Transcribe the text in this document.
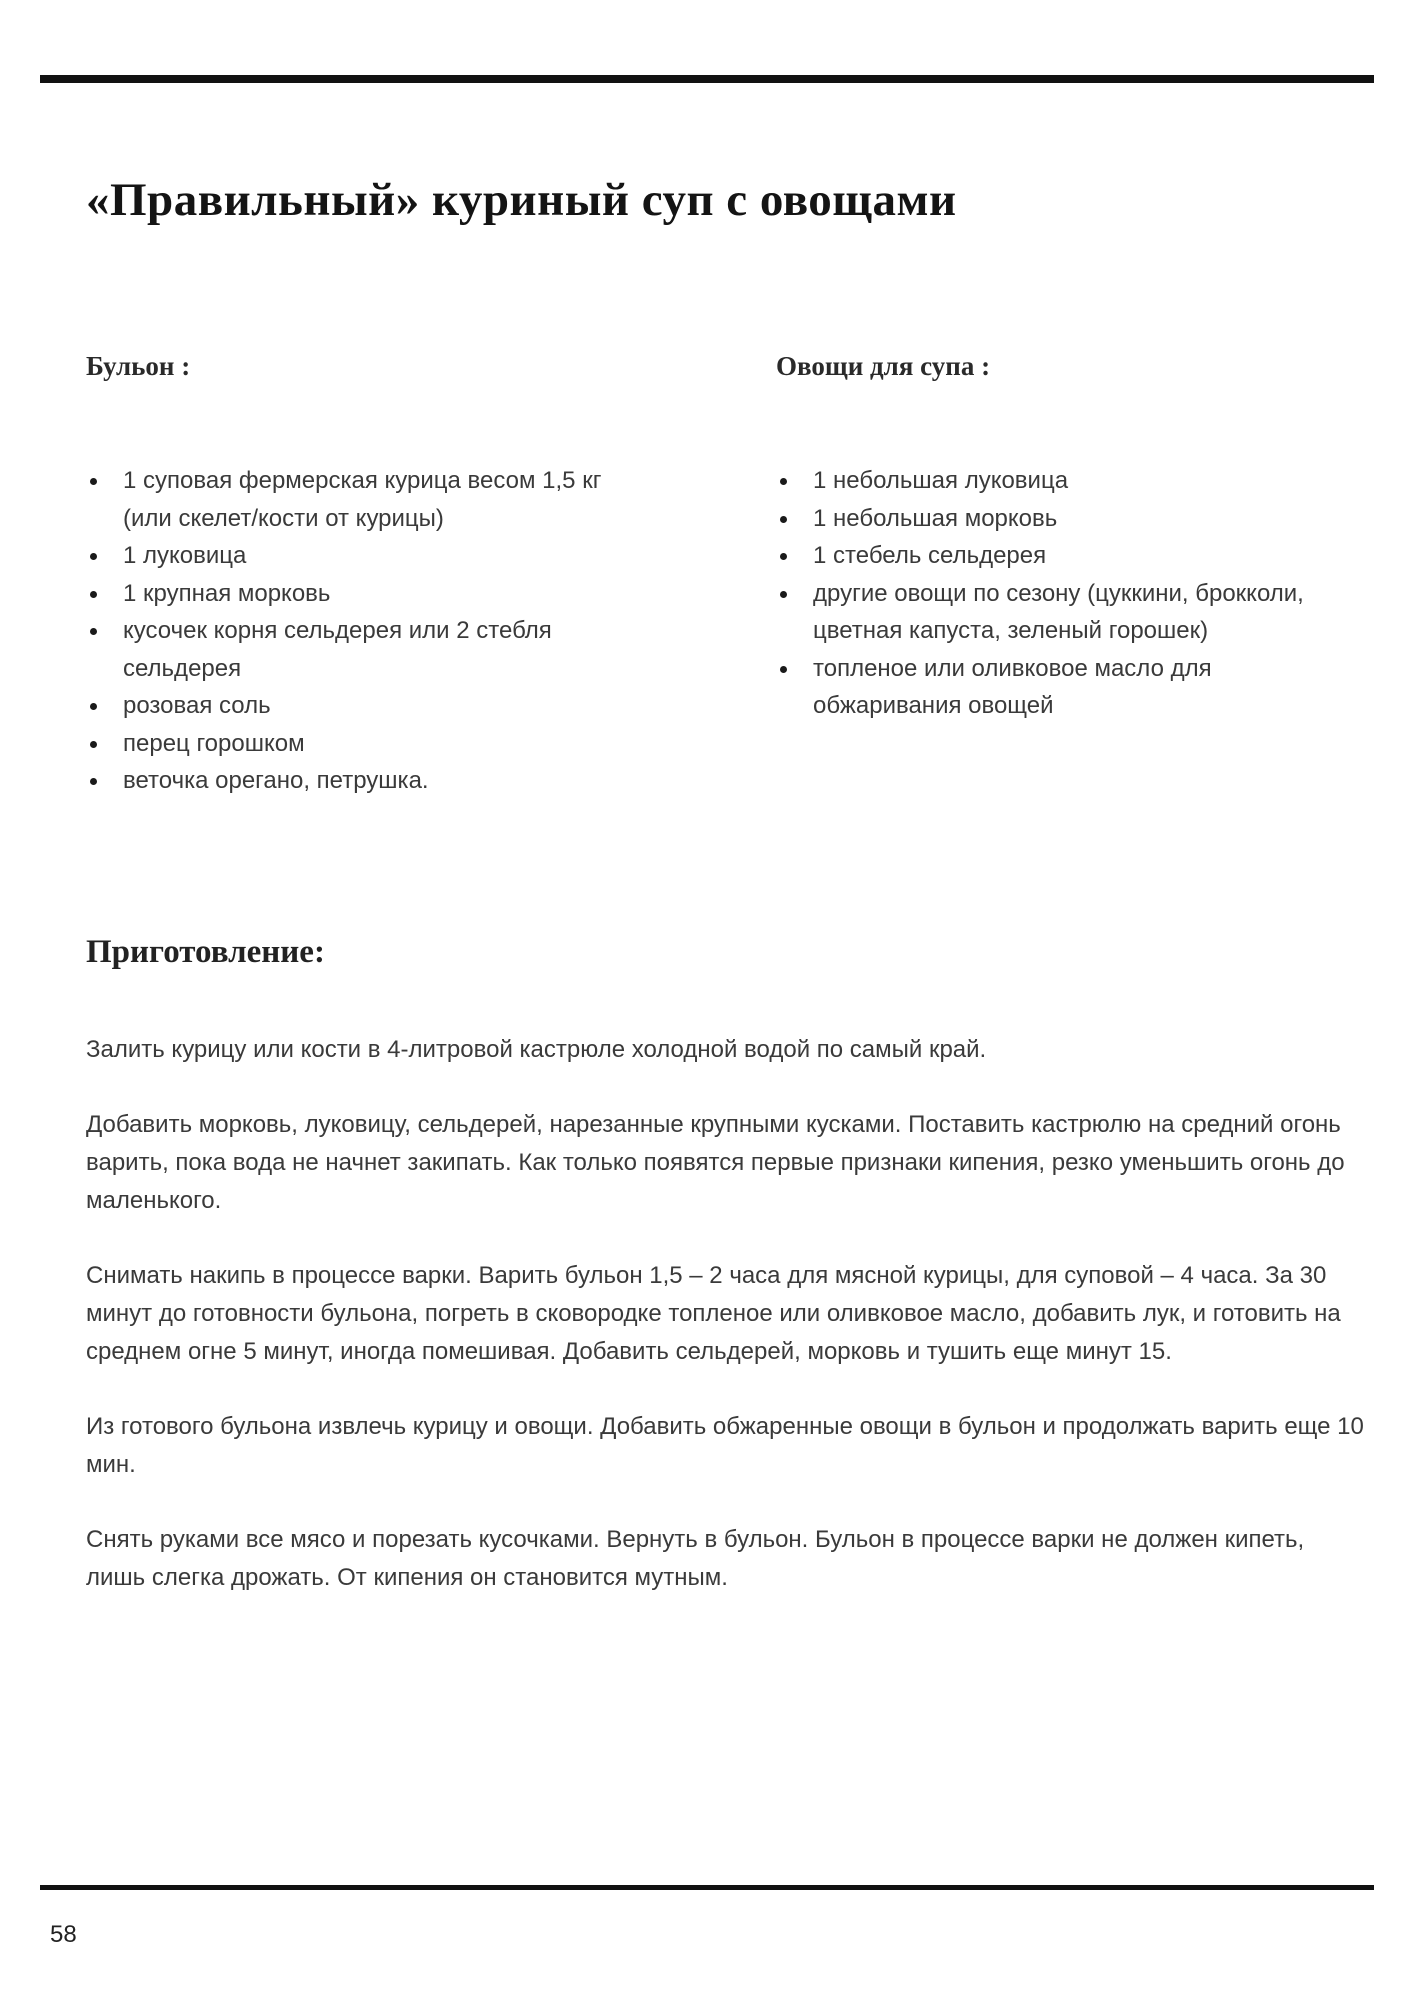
«Правильный» куриный суп с овощами
Бульон :
1 суповая фермерская курица весом 1,5 кг (или скелет/кости от курицы)
1 луковица
1 крупная морковь
кусочек корня сельдерея или 2 стебля сельдерея
розовая соль
перец горошком
веточка орегано, петрушка.
Овощи для супа :
1 небольшая луковица
1 небольшая морковь
1 стебель сельдерея
другие овощи по сезону (цуккини, брокколи, цветная капуста, зеленый горошек)
топленое или оливковое масло для обжаривания овощей
Приготовление:

Залить курицу или кости в 4-литровой кастрюле холодной водой по самый край.

Добавить морковь, луковицу, сельдерей, нарезанные крупными кусками. Поставить кастрюлю на средний огонь варить, пока вода не начнет закипать. Как только появятся первые признаки кипения, резко уменьшить огонь до маленького.

Снимать накипь в процессе варки. Варить бульон 1,5 – 2 часа для мясной курицы, для суповой – 4 часа. За 30 минут до готовности бульона, погреть в сковородке топленое или оливковое масло, добавить лук, и готовить на среднем огне 5 минут, иногда помешивая. Добавить сельдерей, морковь и тушить еще минут 15.

Из готового бульона извлечь курицу и овощи. Добавить обжаренные овощи в бульон и продолжать варить еще 10 мин.

Снять руками все мясо и порезать кусочками. Вернуть в бульон. Бульон в процессе варки не должен кипеть, лишь слегка дрожать. От кипения он становится мутным.

58
